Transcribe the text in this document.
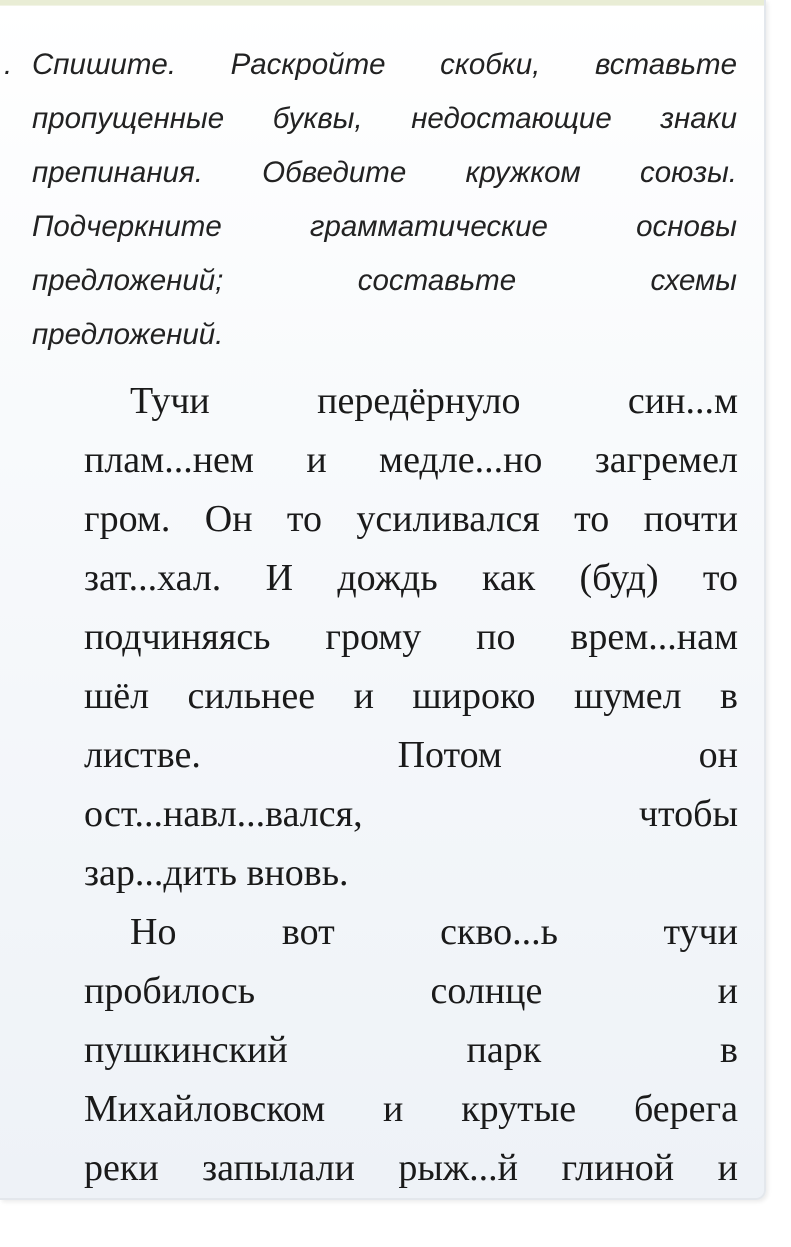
. Спишите. Раскройте скобки, вставьте
пропущенные буквы, недостающие знаки
препинания. Обведите кружком союзы.
Подчеркните грамматические основы
предложений; составьте схемы
предложений.
Тучи передёрнуло син...м
плам...нем и медле...но загремел
гром. Он то усиливался то почти
зат...хал. И дождь как (буд) то
подчиняясь грому по врем...нам
шёл сильнее и широко шумел в
листве. Потом он
ост...навл...вался, чтобы
зар...дить вновь.
Но вот скво...ь тучи
пробилось солнце и
пушкинский парк в
Михайловском и крутые берега
реки запылали рыж...й глиной и
